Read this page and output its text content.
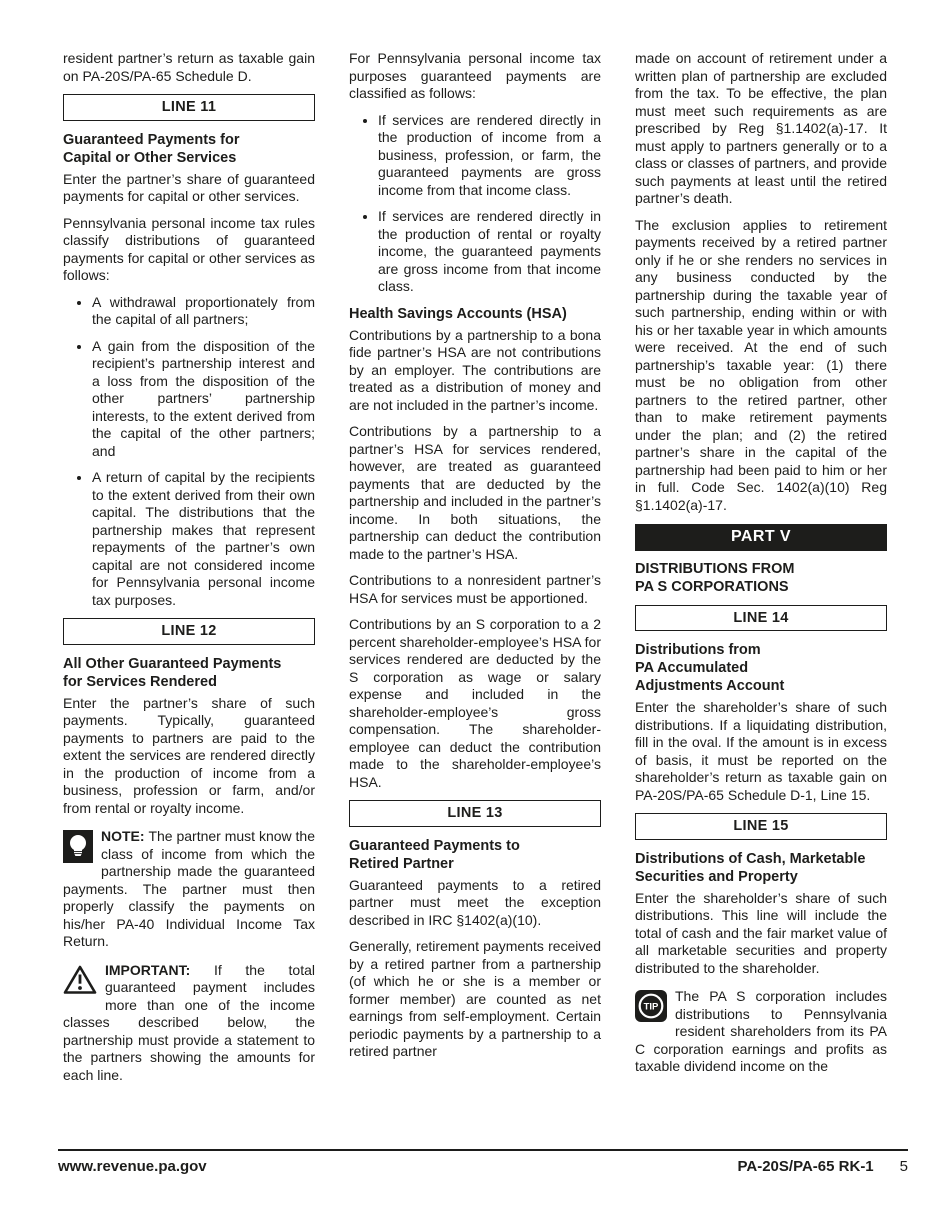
resident partner’s return as taxable gain on PA-20S/PA-65 Schedule D.

LINE 11
Guaranteed Payments for
Capital or Other Services

Enter the partner’s share of guaranteed payments for capital or other services.

Pennsylvania personal income tax rules classify distributions of guaranteed payments for capital or other services as follows:

• A withdrawal proportionately from the capital of all partners;
• A gain from the disposition of the recipient’s partnership interest and a loss from the disposition of the other partners’ partnership interests, to the extent derived from the capital of the other partners; and
• A return of capital by the recipients to the extent derived from their own capital. The distributions that the partnership makes that represent repayments of the partner’s own capital are not considered income for Pennsylvania personal income tax purposes.
LINE 12
All Other Guaranteed Payments
for Services Rendered

Enter the partner’s share of such payments. Typically, guaranteed payments to partners are paid to the extent the services are rendered directly in the production of income from a business, profession or farm, and/or from rental or royalty income.

NOTE: The partner must know the class of income from which the partnership made the guaranteed payments. The partner must then properly classify the payments on his/her PA-40 Individual Income Tax Return.

IMPORTANT: If the total guaranteed payment includes more than one of the income classes described below, the partnership must provide a statement to the partners showing the amounts for each line.

For Pennsylvania personal income tax purposes guaranteed payments are classified as follows:

• If services are rendered directly in the production of income from a business, profession, or farm, the guaranteed payments are gross income from that income class.
• If services are rendered directly in the production of rental or royalty income, the guaranteed payments are gross income from that income class.
Health Savings Accounts (HSA)

Contributions by a partnership to a bona fide partner’s HSA are not contributions by an employer. The contributions are treated as a distribution of money and are not included in the partner’s income.

Contributions by a partnership to a partner’s HSA for services rendered, however, are treated as guaranteed payments that are deducted by the partnership and included in the partner’s income. In both situations, the partnership can deduct the contribution made to the partner’s HSA.

Contributions to a nonresident partner’s HSA for services must be apportioned.

Contributions by an S corporation to a 2 percent shareholder-employee’s HSA for services rendered are deducted by the S corporation as wage or salary expense and included in the shareholder-employee’s gross compensation. The shareholder-employee can deduct the contribution made to the shareholder-employee’s HSA.

LINE 13
Guaranteed Payments to
Retired Partner

Guaranteed payments to a retired partner must meet the exception described in IRC §1402(a)(10).

Generally, retirement payments received by a retired partner from a partnership (of which he or she is a member or former member) are counted as net earnings from self-employment. Certain periodic payments by a partnership to a retired partner

made on account of retirement under a written plan of partnership are excluded from the tax. To be effective, the plan must meet such requirements as are prescribed by Reg §1.1402(a)-17. It must apply to partners generally or to a class or classes of partners, and provide such payments at least until the retired partner’s death.

The exclusion applies to retirement payments received by a retired partner only if he or she renders no services in any business conducted by the partnership during the taxable year of such partnership, ending within or with his or her taxable year in which amounts were received. At the end of such partnership’s taxable year: (1) there must be no obligation from other partners to the retired partner, other than to make retirement payments under the plan; and (2) the retired partner’s share in the capital of the partnership had been paid to him or her in full. Code Sec. 1402(a)(10) Reg §1.1402(a)-17.

PART V
DISTRIBUTIONS FROM
PA S CORPORATIONS
LINE 14
Distributions from
PA Accumulated
Adjustments Account

Enter the shareholder’s share of such distributions. If a liquidating distribution, fill in the oval. If the amount is in excess of basis, it must be reported on the shareholder’s return as taxable gain on PA-20S/PA-65 Schedule D-1, Line 15.

LINE 15
Distributions of Cash, Marketable
Securities and Property

Enter the shareholder’s share of such distributions. This line will include the total of cash and the fair market value of all marketable securities and property distributed to the shareholder.

TIP
The PA S corporation includes distributions to Pennsylvania resident shareholders from its PA C corporation earnings and profits as taxable dividend income on the

www.revenue.pa.gov	PA-20S/PA-65 RK-1 5
